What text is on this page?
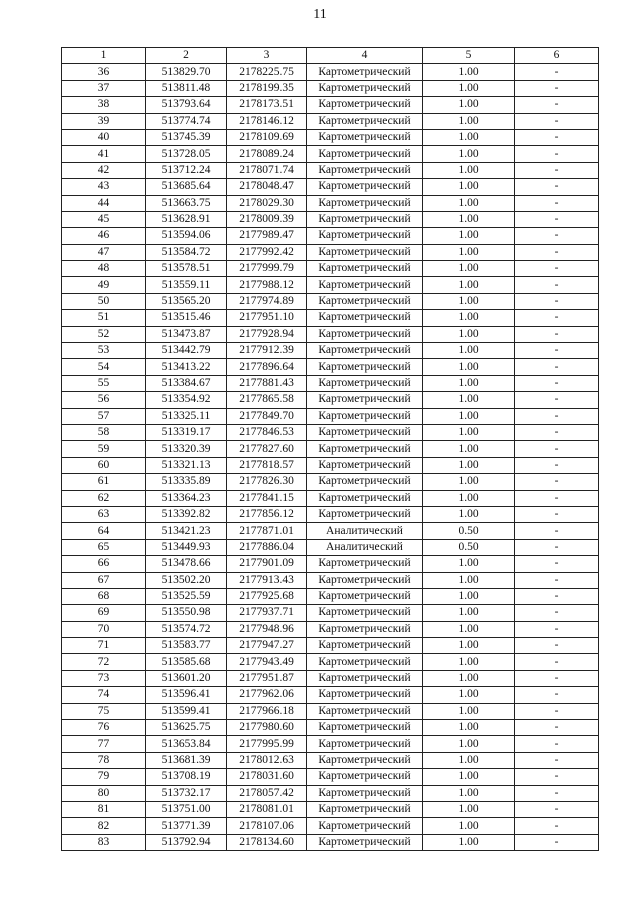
11
1	2	3	4	5	6
36	513829.70	2178225.75	Картометрический	1.00	-
37	513811.48	2178199.35	Картометрический	1.00	-
38	513793.64	2178173.51	Картометрический	1.00	-
39	513774.74	2178146.12	Картометрический	1.00	-
40	513745.39	2178109.69	Картометрический	1.00	-
41	513728.05	2178089.24	Картометрический	1.00	-
42	513712.24	2178071.74	Картометрический	1.00	-
43	513685.64	2178048.47	Картометрический	1.00	-
44	513663.75	2178029.30	Картометрический	1.00	-
45	513628.91	2178009.39	Картометрический	1.00	-
46	513594.06	2177989.47	Картометрический	1.00	-
47	513584.72	2177992.42	Картометрический	1.00	-
48	513578.51	2177999.79	Картометрический	1.00	-
49	513559.11	2177988.12	Картометрический	1.00	-
50	513565.20	2177974.89	Картометрический	1.00	-
51	513515.46	2177951.10	Картометрический	1.00	-
52	513473.87	2177928.94	Картометрический	1.00	-
53	513442.79	2177912.39	Картометрический	1.00	-
54	513413.22	2177896.64	Картометрический	1.00	-
55	513384.67	2177881.43	Картометрический	1.00	-
56	513354.92	2177865.58	Картометрический	1.00	-
57	513325.11	2177849.70	Картометрический	1.00	-
58	513319.17	2177846.53	Картометрический	1.00	-
59	513320.39	2177827.60	Картометрический	1.00	-
60	513321.13	2177818.57	Картометрический	1.00	-
61	513335.89	2177826.30	Картометрический	1.00	-
62	513364.23	2177841.15	Картометрический	1.00	-
63	513392.82	2177856.12	Картометрический	1.00	-
64	513421.23	2177871.01	Аналитический	0.50	-
65	513449.93	2177886.04	Аналитический	0.50	-
66	513478.66	2177901.09	Картометрический	1.00	-
67	513502.20	2177913.43	Картометрический	1.00	-
68	513525.59	2177925.68	Картометрический	1.00	-
69	513550.98	2177937.71	Картометрический	1.00	-
70	513574.72	2177948.96	Картометрический	1.00	-
71	513583.77	2177947.27	Картометрический	1.00	-
72	513585.68	2177943.49	Картометрический	1.00	-
73	513601.20	2177951.87	Картометрический	1.00	-
74	513596.41	2177962.06	Картометрический	1.00	-
75	513599.41	2177966.18	Картометрический	1.00	-
76	513625.75	2177980.60	Картометрический	1.00	-
77	513653.84	2177995.99	Картометрический	1.00	-
78	513681.39	2178012.63	Картометрический	1.00	-
79	513708.19	2178031.60	Картометрический	1.00	-
80	513732.17	2178057.42	Картометрический	1.00	-
81	513751.00	2178081.01	Картометрический	1.00	-
82	513771.39	2178107.06	Картометрический	1.00	-
83	513792.94	2178134.60	Картометрический	1.00	-
